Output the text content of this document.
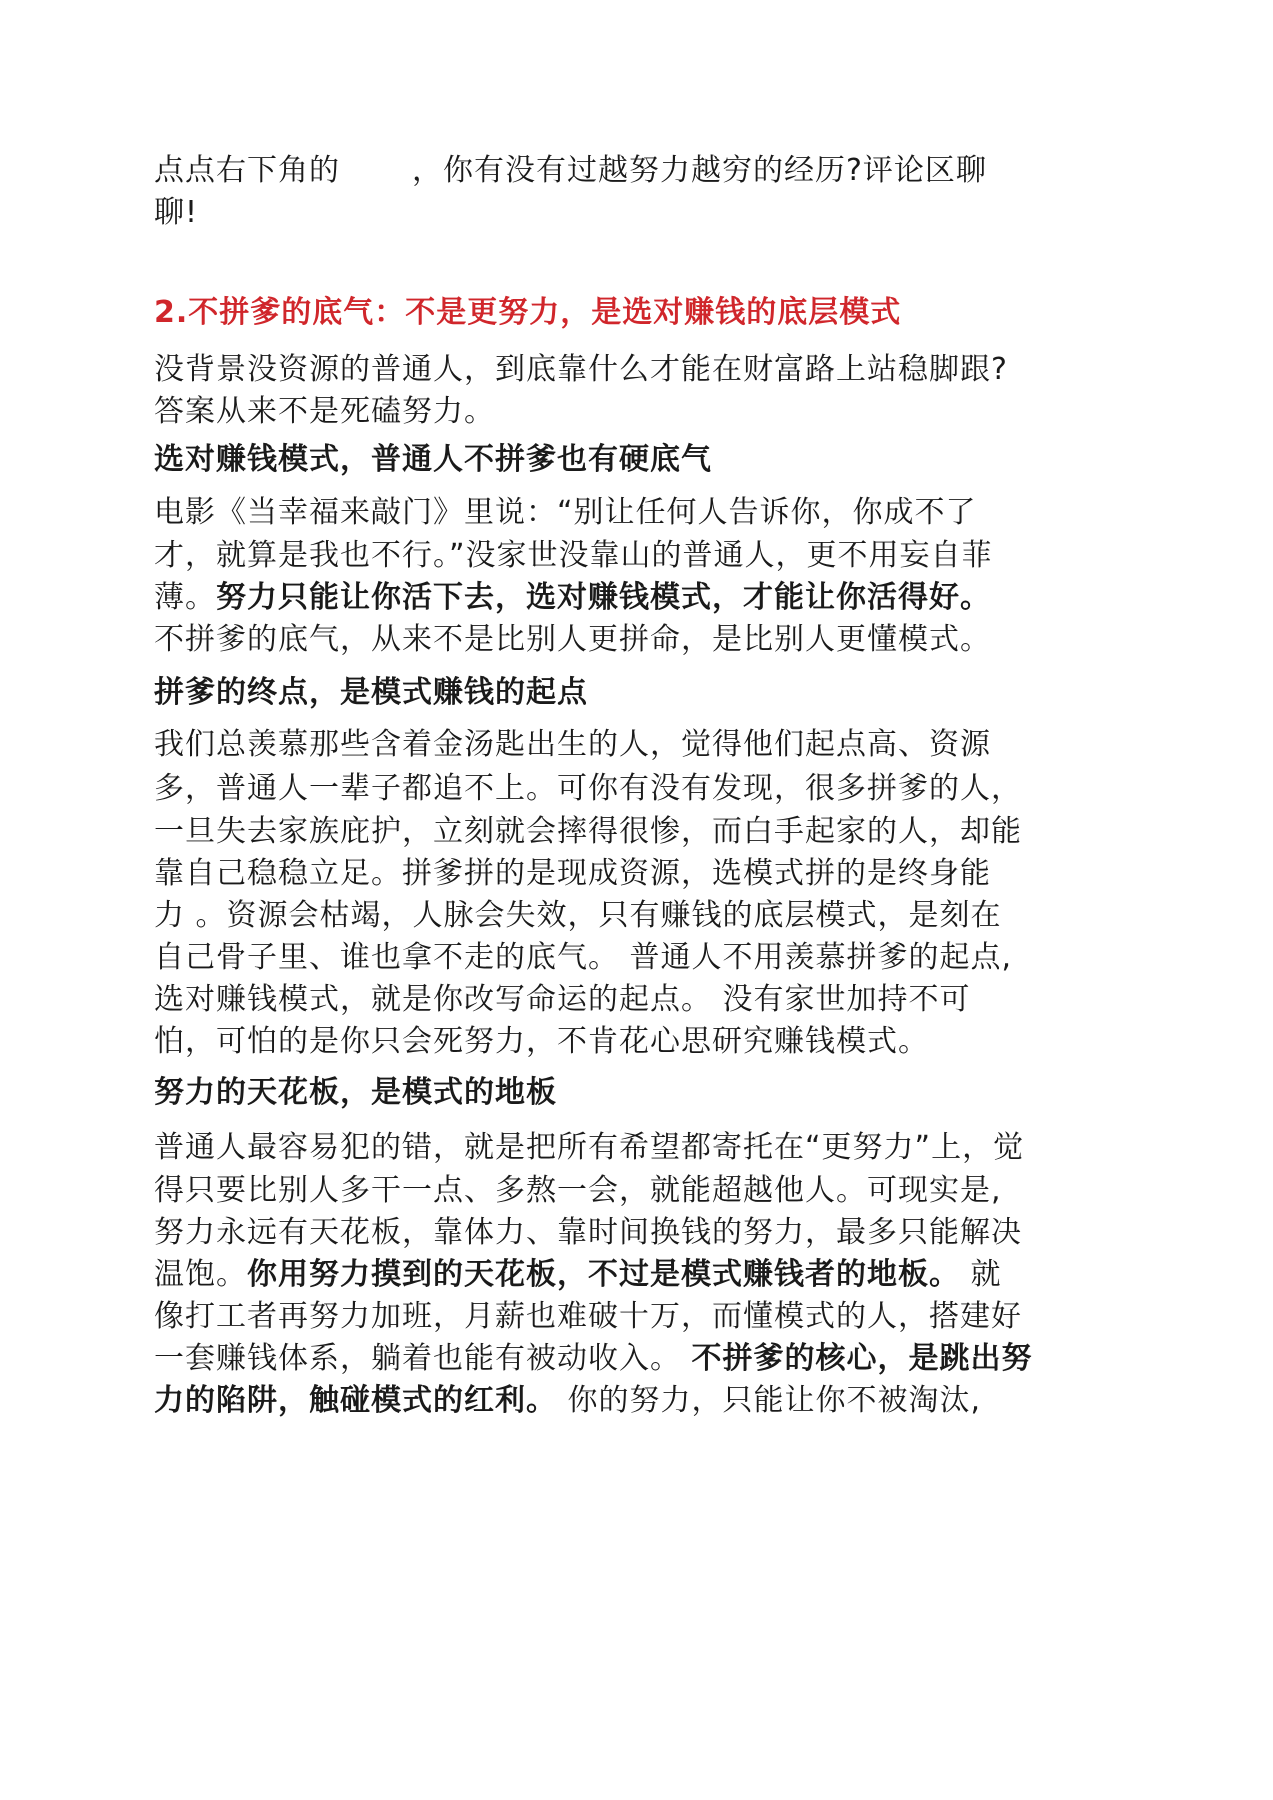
点点右下角的 ，你有没有过越努力越穷的经历?评论区聊
聊!
2.不拼爹的底气：不是更努力，是选对赚钱的底层模式
没背景没资源的普通人，到底靠什么才能在财富路上站稳脚跟?
答案从来不是死磕努力。
选对赚钱模式，普通人不拼爹也有硬底气
电影《当幸福来敲门》里说：“别让任何人告诉你，你成不了
才，就算是我也不行。”没家世没靠山的普通人，更不用妄自菲
薄。努力只能让你活下去，选对赚钱模式，才能让你活得好。
不拼爹的底气，从来不是比别人更拼命，是比别人更懂模式。
拼爹的终点，是模式赚钱的起点
我们总羡慕那些含着金汤匙出生的人，觉得他们起点高、资源
多，普通人一辈子都追不上。可你有没有发现，很多拼爹的人，
一旦失去家族庇护，立刻就会摔得很惨，而白手起家的人，却能
靠自己稳稳立足。拼爹拼的是现成资源，选模式拼的是终身能
力 。资源会枯竭，人脉会失效，只有赚钱的底层模式，是刻在
自己骨子里、谁也拿不走的底气。 普通人不用羡慕拼爹的起点,
选对赚钱模式，就是你改写命运的起点。 没有家世加持不可
怕，可怕的是你只会死努力，不肯花心思研究赚钱模式。
努力的天花板，是模式的地板
普通人最容易犯的错，就是把所有希望都寄托在“更努力”上，觉
得只要比别人多干一点、多熬一会，就能超越他人。可现实是,
努力永远有天花板，靠体力、靠时间换钱的努力，最多只能解决
温饱。你用努力摸到的天花板，不过是模式赚钱者的地板。 就
像打工者再努力加班，月薪也难破十万，而懂模式的人，搭建好
一套赚钱体系，躺着也能有被动收入。 不拼爹的核心，是跳出努
力的陷阱，触碰模式的红利。 你的努力，只能让你不被淘汰,
